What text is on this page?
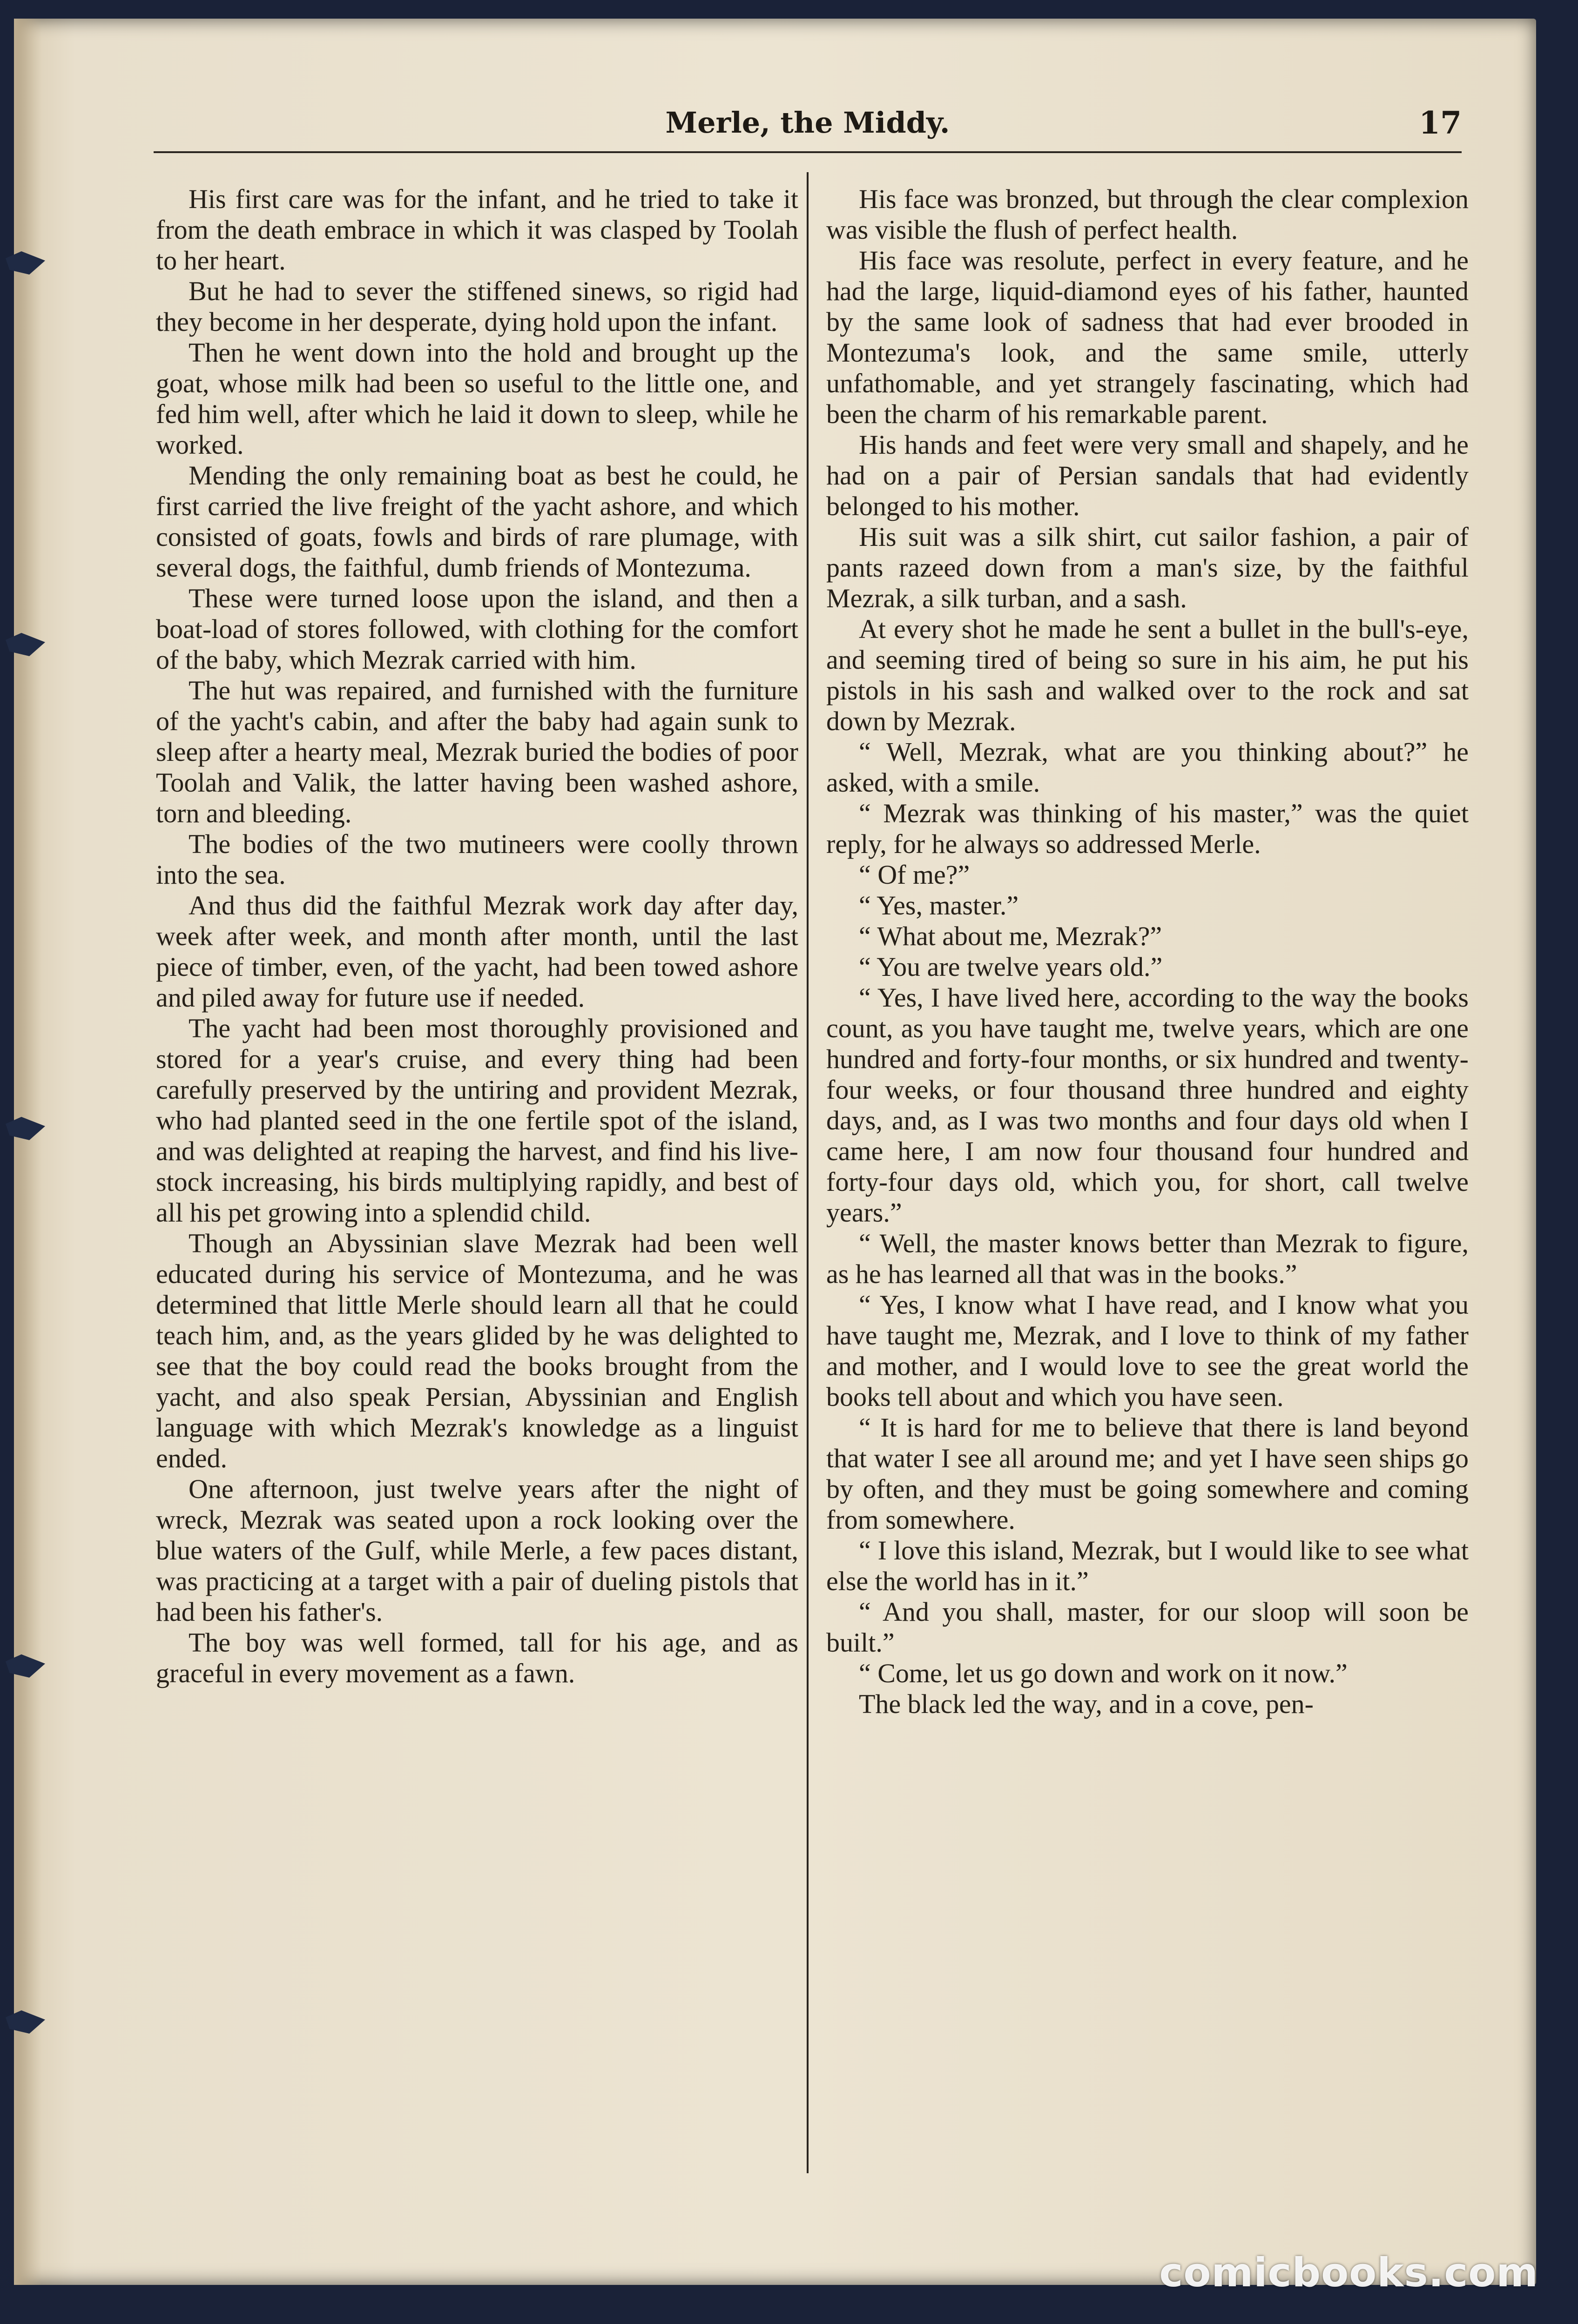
Merle, the Middy.	17

His first care was for the infant, and he tried to take it from the death embrace in which it was clasped by Toolah to her heart.

But he had to sever the stiffened sinews, so rigid had they become in her desperate, dying hold upon the infant.

Then he went down into the hold and brought up the goat, whose milk had been so useful to the little one, and fed him well, after which he laid it down to sleep, while he worked.

Mending the only remaining boat as best he could, he first carried the live freight of the yacht ashore, and which consisted of goats, fowls and birds of rare plumage, with several dogs, the faithful, dumb friends of Montezuma.

These were turned loose upon the island, and then a boat-load of stores followed, with clothing for the comfort of the baby, which Mezrak carried with him.

The hut was repaired, and furnished with the furniture of the yacht's cabin, and after the baby had again sunk to sleep after a hearty meal, Mezrak buried the bodies of poor Toolah and Valik, the latter having been washed ashore, torn and bleeding.

The bodies of the two mutineers were coolly thrown into the sea.

And thus did the faithful Mezrak work day after day, week after week, and month after month, until the last piece of timber, even, of the yacht, had been towed ashore and piled away for future use if needed.

The yacht had been most thoroughly provisioned and stored for a year's cruise, and every thing had been carefully preserved by the untiring and provident Mezrak, who had planted seed in the one fertile spot of the island, and was delighted at reaping the harvest, and find his live-stock increasing, his birds multiplying rapidly, and best of all his pet growing into a splendid child.

Though an Abyssinian slave Mezrak had been well educated during his service of Montezuma, and he was determined that little Merle should learn all that he could teach him, and, as the years glided by he was delighted to see that the boy could read the books brought from the yacht, and also speak Persian, Abyssinian and English language with which Mezrak's knowledge as a linguist ended.

One afternoon, just twelve years after the night of wreck, Mezrak was seated upon a rock looking over the blue waters of the Gulf, while Merle, a few paces distant, was practicing at a target with a pair of dueling pistols that had been his father's.

The boy was well formed, tall for his age, and as graceful in every movement as a fawn.

His face was bronzed, but through the clear complexion was visible the flush of perfect health.

His face was resolute, perfect in every feature, and he had the large, liquid-diamond eyes of his father, haunted by the same look of sadness that had ever brooded in Montezuma's look, and the same smile, utterly unfathomable, and yet strangely fascinating, which had been the charm of his remarkable parent.

His hands and feet were very small and shapely, and he had on a pair of Persian sandals that had evidently belonged to his mother.

His suit was a silk shirt, cut sailor fashion, a pair of pants razeed down from a man's size, by the faithful Mezrak, a silk turban, and a sash.

At every shot he made he sent a bullet in the bull's-eye, and seeming tired of being so sure in his aim, he put his pistols in his sash and walked over to the rock and sat down by Mezrak.

“ Well, Mezrak, what are you thinking about?” he asked, with a smile.

“ Mezrak was thinking of his master,” was the quiet reply, for he always so addressed Merle.

“ Of me?”

“ Yes, master.”

“ What about me, Mezrak?”

“ You are twelve years old.”

“ Yes, I have lived here, according to the way the books count, as you have taught me, twelve years, which are one hundred and forty-four months, or six hundred and twenty-four weeks, or four thousand three hundred and eighty days, and, as I was two months and four days old when I came here, I am now four thousand four hundred and forty-four days old, which you, for short, call twelve years.”

“ Well, the master knows better than Mezrak to figure, as he has learned all that was in the books.”

“ Yes, I know what I have read, and I know what you have taught me, Mezrak, and I love to think of my father and mother, and I would love to see the great world the books tell about and which you have seen.

“ It is hard for me to believe that there is land beyond that water I see all around me; and yet I have seen ships go by often, and they must be going somewhere and coming from somewhere.

“ I love this island, Mezrak, but I would like to see what else the world has in it.”

“ And you shall, master, for our sloop will soon be built.”

“ Come, let us go down and work on it now.”

The black led the way, and in a cove, pen-

comicbooks.com
